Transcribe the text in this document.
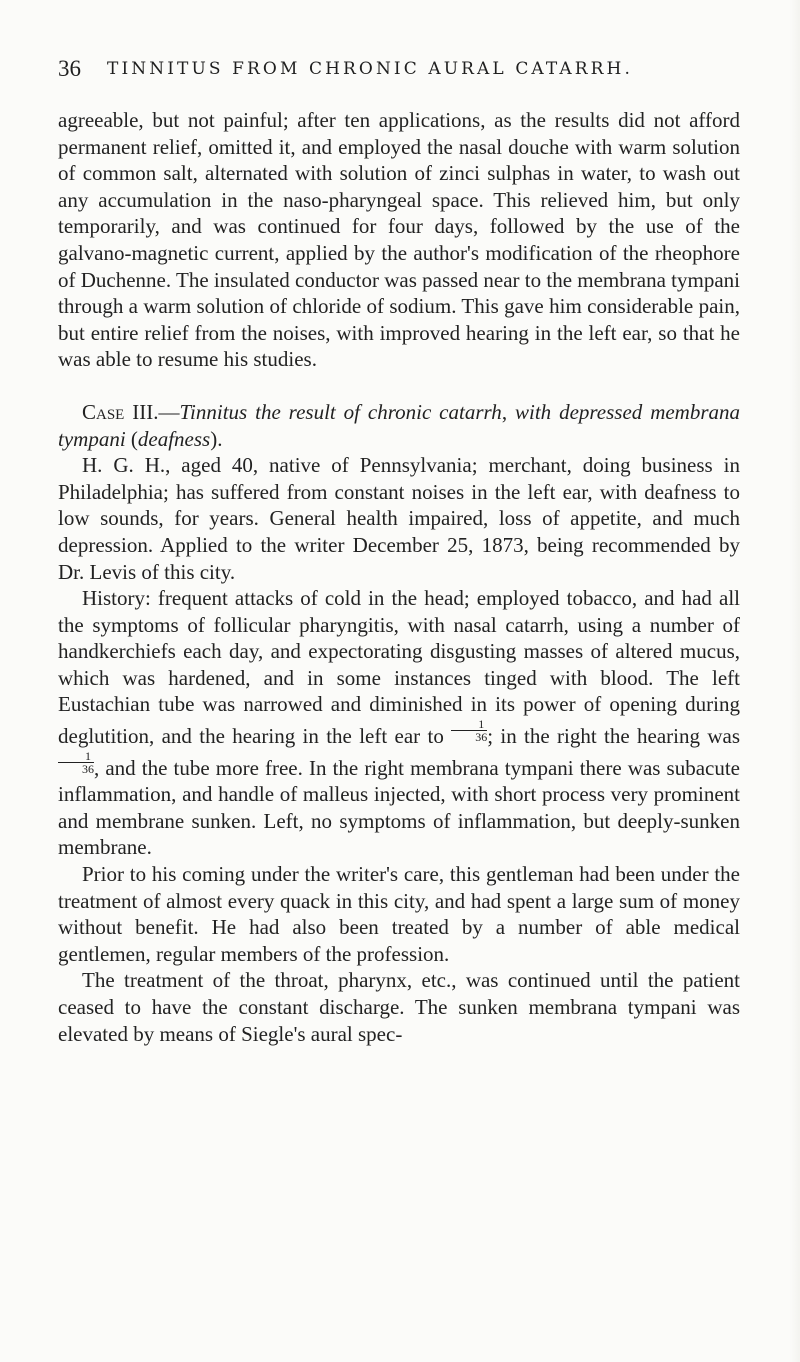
36 TINNITUS FROM CHRONIC AURAL CATARRH.

agreeable, but not painful; after ten applications, as the results did not afford permanent relief, omitted it, and employed the nasal douche with warm solution of common salt, alternated with solution of zinci sulphas in water, to wash out any accumulation in the naso-pharyngeal space. This relieved him, but only temporarily, and was continued for four days, followed by the use of the galvano-magnetic current, applied by the author's modification of the rheophore of Duchenne. The insulated conductor was passed near to the membrana tympani through a warm solution of chloride of sodium. This gave him considerable pain, but entire relief from the noises, with improved hearing in the left ear, so that he was able to resume his studies.

Case III.—Tinnitus the result of chronic catarrh, with depressed membrana tympani (deafness).

H. G. H., aged 40, native of Pennsylvania; merchant, doing business in Philadelphia; has suffered from constant noises in the left ear, with deafness to low sounds, for years. General health impaired, loss of appetite, and much depression. Applied to the writer December 25, 1873, being recommended by Dr. Levis of this city.

History: frequent attacks of cold in the head; employed tobacco, and had all the symptoms of follicular pharyngitis, with nasal catarrh, using a number of handkerchiefs each day, and expectorating disgusting masses of altered mucus, which was hardened, and in some instances tinged with blood. The left Eustachian tube was narrowed and diminished in its power of opening during deglutition, and the hearing in the left ear to $\frac{1}{36}$ ; in the right the hearing was
$\frac{1}{36}$ , and the tube more free. In the right membrana tympani there was subacute inflammation, and handle of malleus injected, with short process very prominent and membrane sunken. Left, no symptoms of inflammation, but deeply-sunken membrane.

Prior to his coming under the writer's care, this gentleman had been under the treatment of almost every quack in this city, and had spent a large sum of money without benefit. He had also been treated by a number of able medical gentlemen, regular members of the profession.

The treatment of the throat, pharynx, etc., was continued until the patient ceased to have the constant discharge. The sunken membrana tympani was elevated by means of Siegle's aural spec-
